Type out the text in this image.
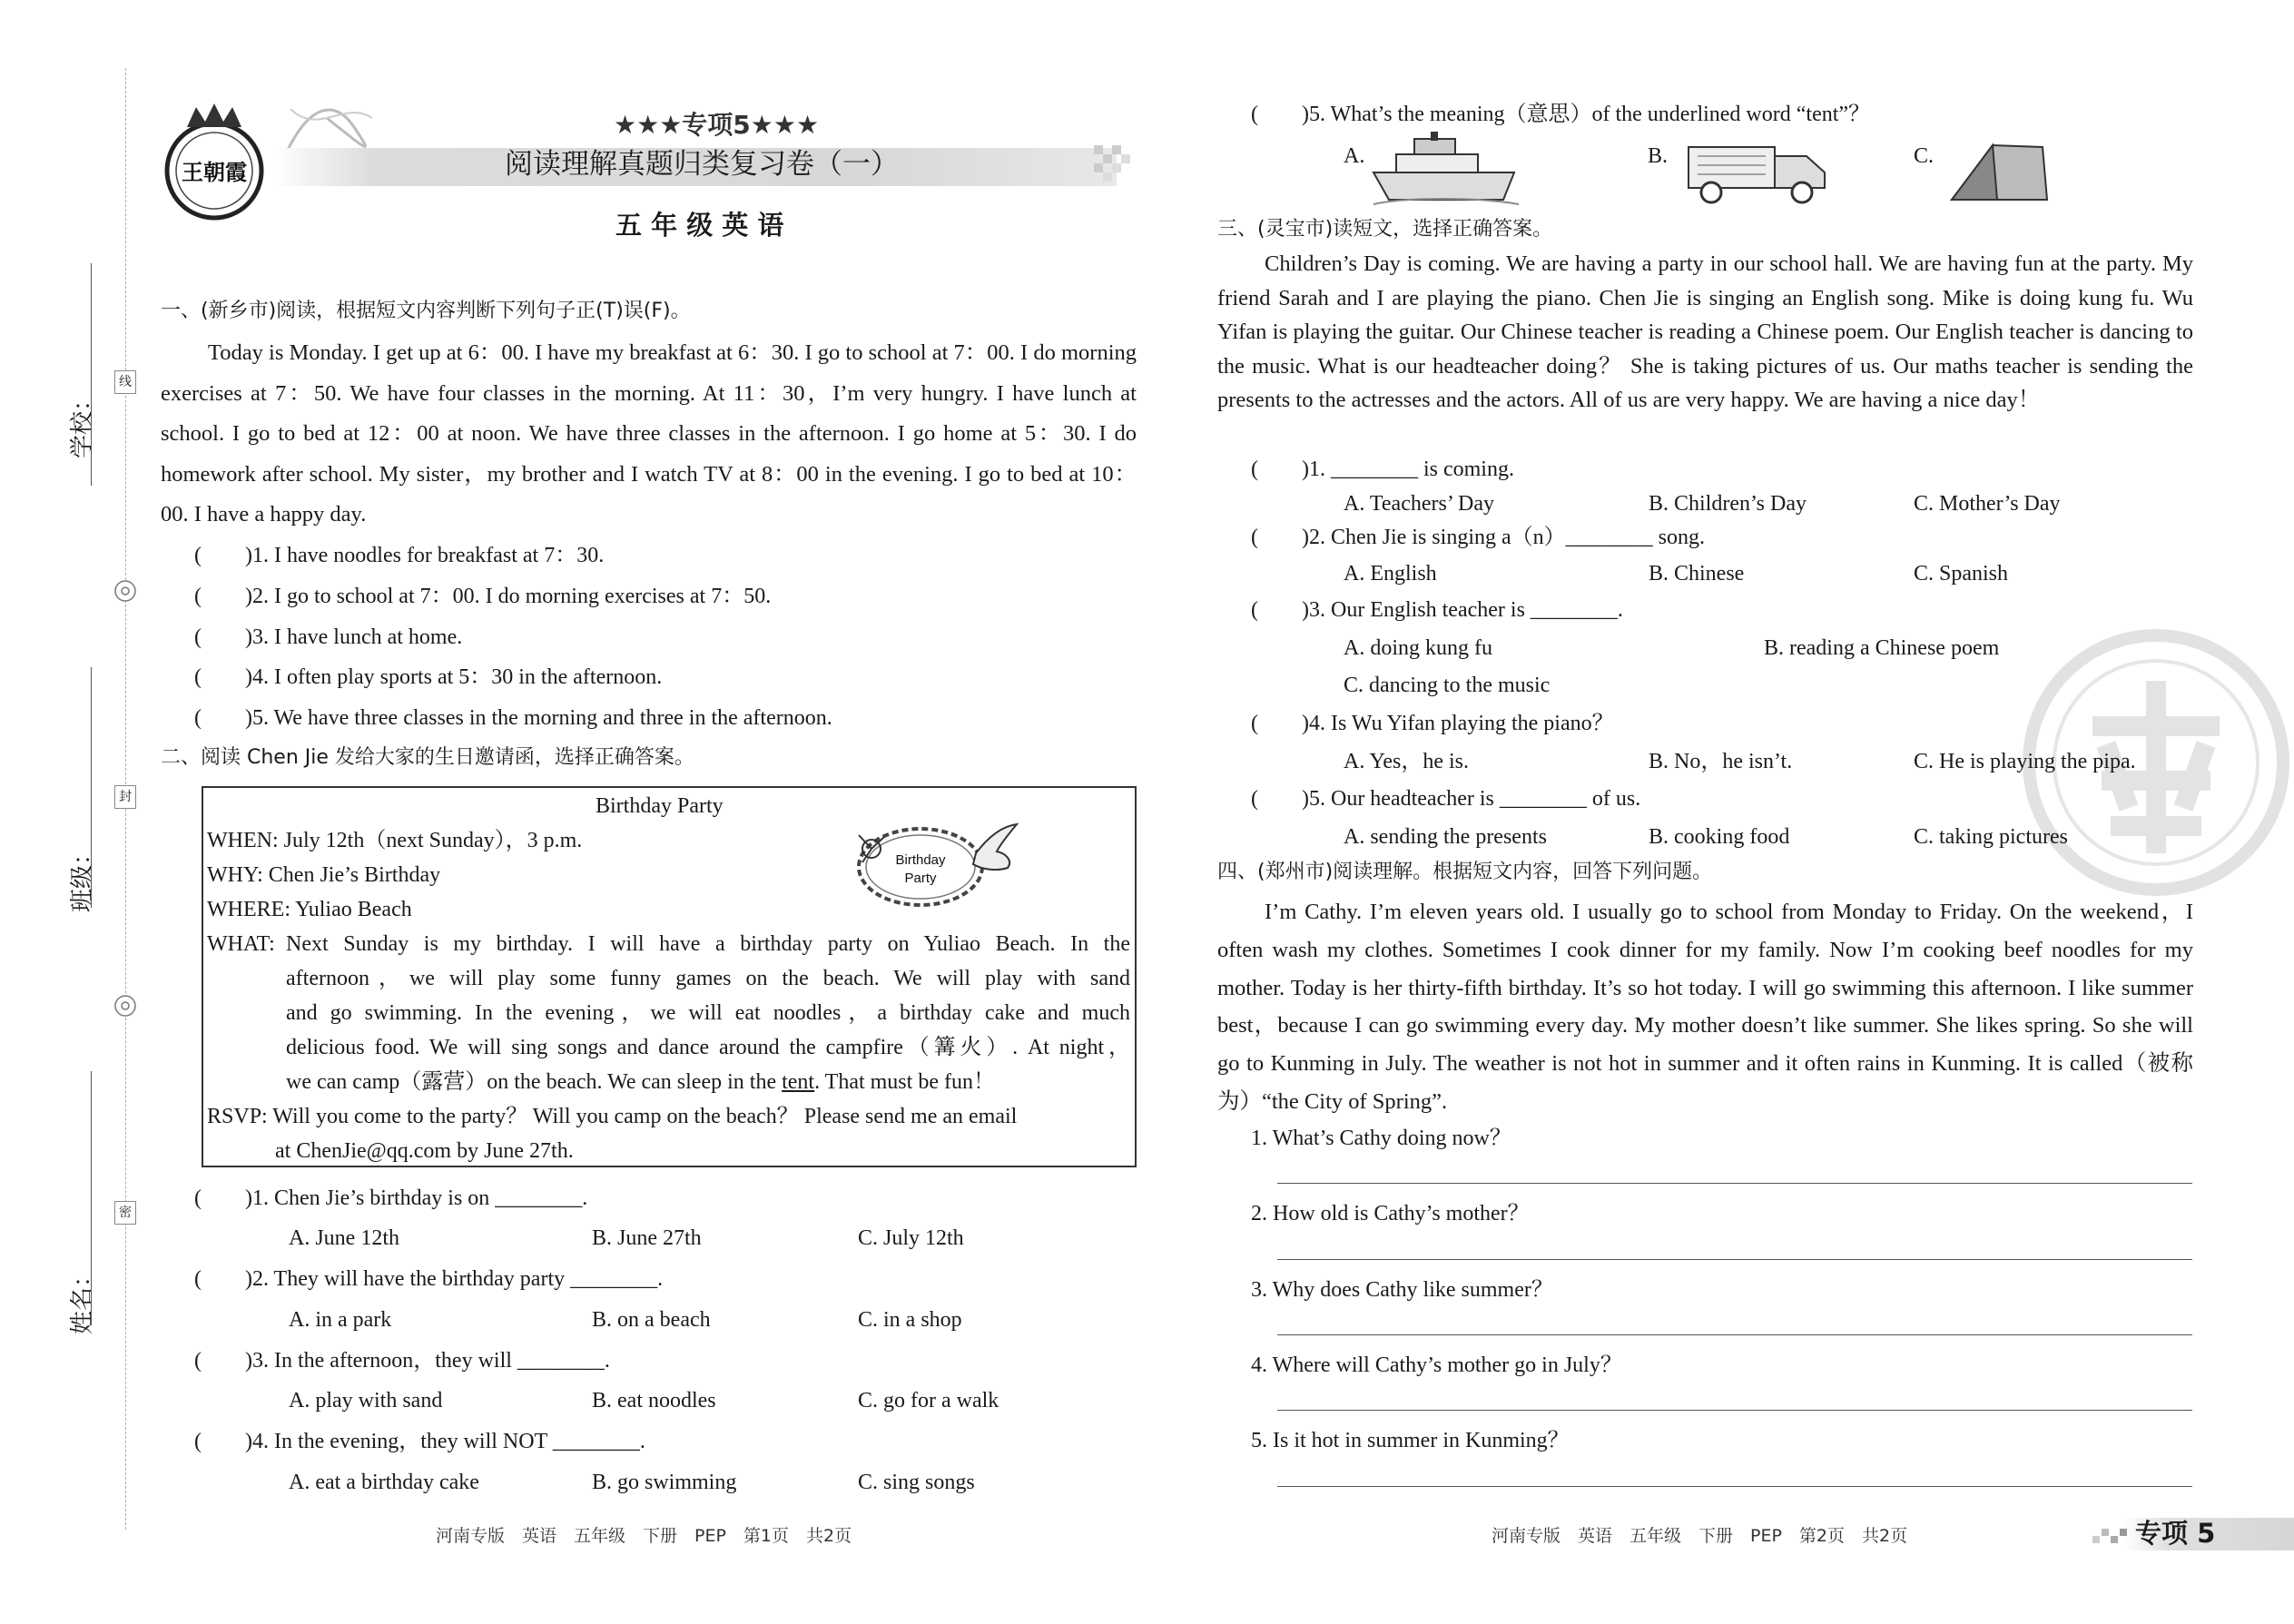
学校：
班级：
姓名：
线
封
密
王朝霞
★★★专项5★★★
阅读理解真题归类复习卷（一）
五 年 级 英 语
一、(新乡市)阅读，根据短文内容判断下列句子正(T)误(F)。
Today is Monday. I get up at 6：00. I have my breakfast at 6：30. I go to school at 7：00. I do morning exercises at 7：50. We have four classes in the morning. At 11：30，I’m very hungry. I have lunch at school. I go to bed at 12：00 at noon. We have three classes in the afternoon. I go home at 5：30. I do homework after school. My sister，my brother and I watch TV at 8：00 in the evening. I go to bed at 10：00. I have a happy day.
(　　)1. I have noodles for breakfast at 7：30.
(　　)2. I go to school at 7：00. I do morning exercises at 7：50.
(　　)3. I have lunch at home.
(　　)4. I often play sports at 5：30 in the afternoon.
(　　)5. We have three classes in the morning and three in the afternoon.
二、阅读 Chen Jie 发给大家的生日邀请函，选择正确答案。
Birthday Party
WHEN: July 12th（next Sunday），3 p.m.
WHY: Chen Jie’s Birthday
WHERE: Yuliao Beach
WHAT: Next Sunday is my birthday. I will have a birthday party on Yuliao Beach. In the
afternoon，we will play some funny games on the beach. We will play with sand
and go swimming. In the evening，we will eat noodles，a birthday cake and much
delicious food. We will sing songs and dance around the campfire（篝火）. At night，
we can camp（露营）on the beach. We can sleep in the tent. That must be fun！
RSVP: Will you come to the party？ Will you camp on the beach？ Please send me an email
at ChenJie@qq.com by June 27th.
Birthday
Party
(　　)1. Chen Jie’s birthday is on ________.
A. June 12th	B. June 27th	C. July 12th
(　　)2. They will have the birthday party ________.
A. in a park	B. on a beach	C. in a shop
(　　)3. In the afternoon，they will ________.
A. play with sand	B. eat noodles	C. go for a walk
(　　)4. In the evening，they will NOT ________.
A. eat a birthday cake	B. go swimming	C. sing songs
河南专版　英语　五年级　下册　PEP　第1页　共2页
(　　)5. What’s the meaning（意思）of the underlined word “tent”？
A.	B.	C.
三、(灵宝市)读短文，选择正确答案。
Children’s Day is coming. We are having a party in our school hall. We are having fun at the party. My friend Sarah and I are playing the piano. Chen Jie is singing an English song. Mike is doing kung fu. Wu Yifan is playing the guitar. Our Chinese teacher is reading a Chinese poem. Our English teacher is dancing to the music. What is our headteacher doing？ She is taking pictures of us. Our maths teacher is sending the presents to the actresses and the actors. All of us are very happy. We are having a nice day！
(　　)1. ________ is coming.
A. Teachers’ Day	B. Children’s Day	C. Mother’s Day
(　　)2. Chen Jie is singing a（n）________ song.
A. English	B. Chinese	C. Spanish
(　　)3. Our English teacher is ________.
A. doing kung fu	B. reading a Chinese poem
C. dancing to the music
(　　)4. Is Wu Yifan playing the piano？
A. Yes，he is.	B. No，he isn’t.	C. He is playing the pipa.
(　　)5. Our headteacher is ________ of us.
A. sending the presents	B. cooking food	C. taking pictures
四、(郑州市)阅读理解。根据短文内容，回答下列问题。
I’m Cathy. I’m eleven years old. I usually go to school from Monday to Friday. On the weekend，I often wash my clothes. Sometimes I cook dinner for my family. Now I’m cooking beef noodles for my mother. Today is her thirty-fifth birthday. It’s so hot today. I will go swimming this afternoon. I like summer best，because I can go swimming every day. My mother doesn’t like summer. She likes spring. So she will go to Kunming in July. The weather is not hot in summer and it often rains in Kunming. It is called（被称为）“the City of Spring”.
1. What’s Cathy doing now？
2. How old is Cathy’s mother？
3. Why does Cathy like summer？
4. Where will Cathy’s mother go in July？
5. Is it hot in summer in Kunming？
河南专版　英语　五年级　下册　PEP　第2页　共2页	专项 5
